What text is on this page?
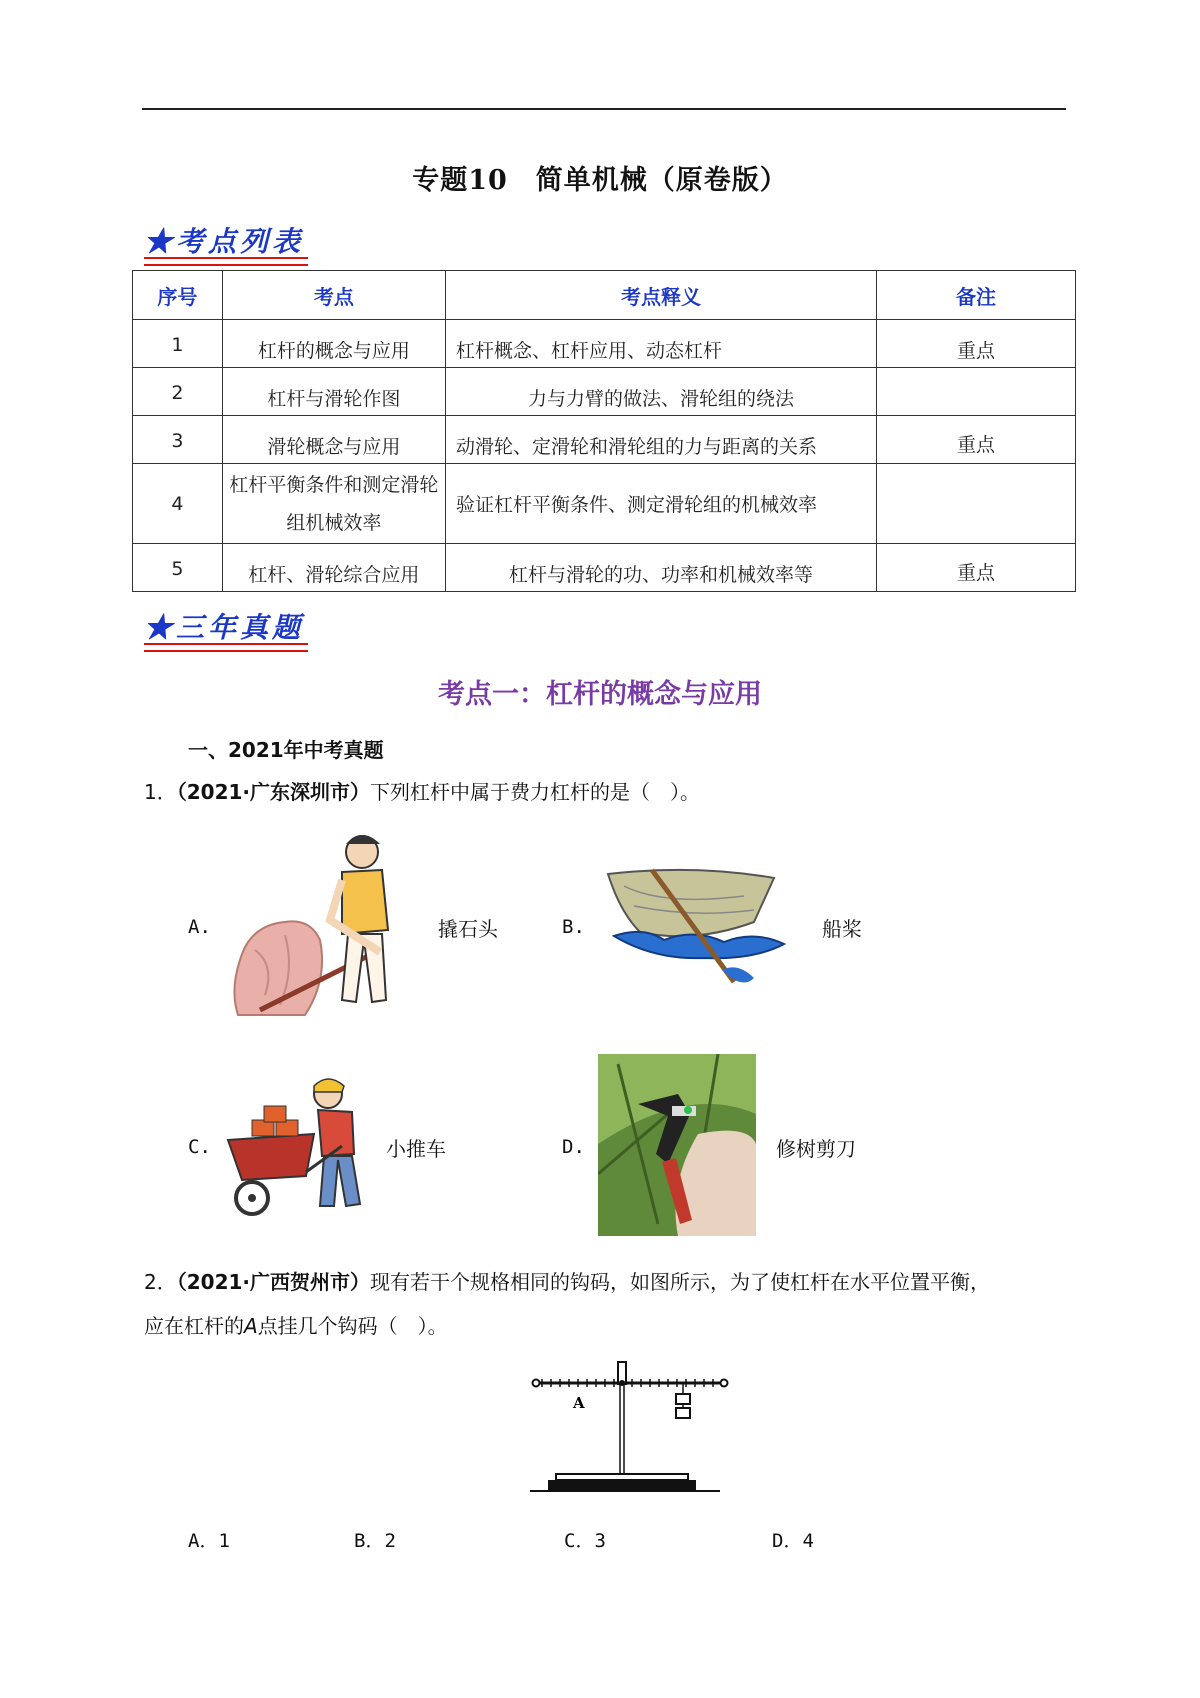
专题10　简单机械（原卷版）
★考点列表
序号	考点	考点释义	备注
1	杠杆的概念与应用	杠杆概念、杠杆应用、动态杠杆	重点
2	杠杆与滑轮作图	力与力臂的做法、滑轮组的绕法	
3	滑轮概念与应用	动滑轮、定滑轮和滑轮组的力与距离的关系	重点
4	杠杆平衡条件和测定滑轮组机械效率	验证杠杆平衡条件、测定滑轮组的机械效率	
5	杠杆、滑轮综合应用	杠杆与滑轮的功、功率和机械效率等	重点
★三年真题
考点一：杠杆的概念与应用
一、2021年中考真题
1．（2021·广东深圳市）下列杠杆中属于费力杠杆的是（　）。
A.	撬石头	B.	船桨
C.	小推车	D.	修树剪刀
2．（2021·广西贺州市）现有若干个规格相同的钩码，如图所示，为了使杠杆在水平位置平衡，
应在杠杆的A点挂几个钩码（　）。
A
A．1	B．2	C．3	D．4
